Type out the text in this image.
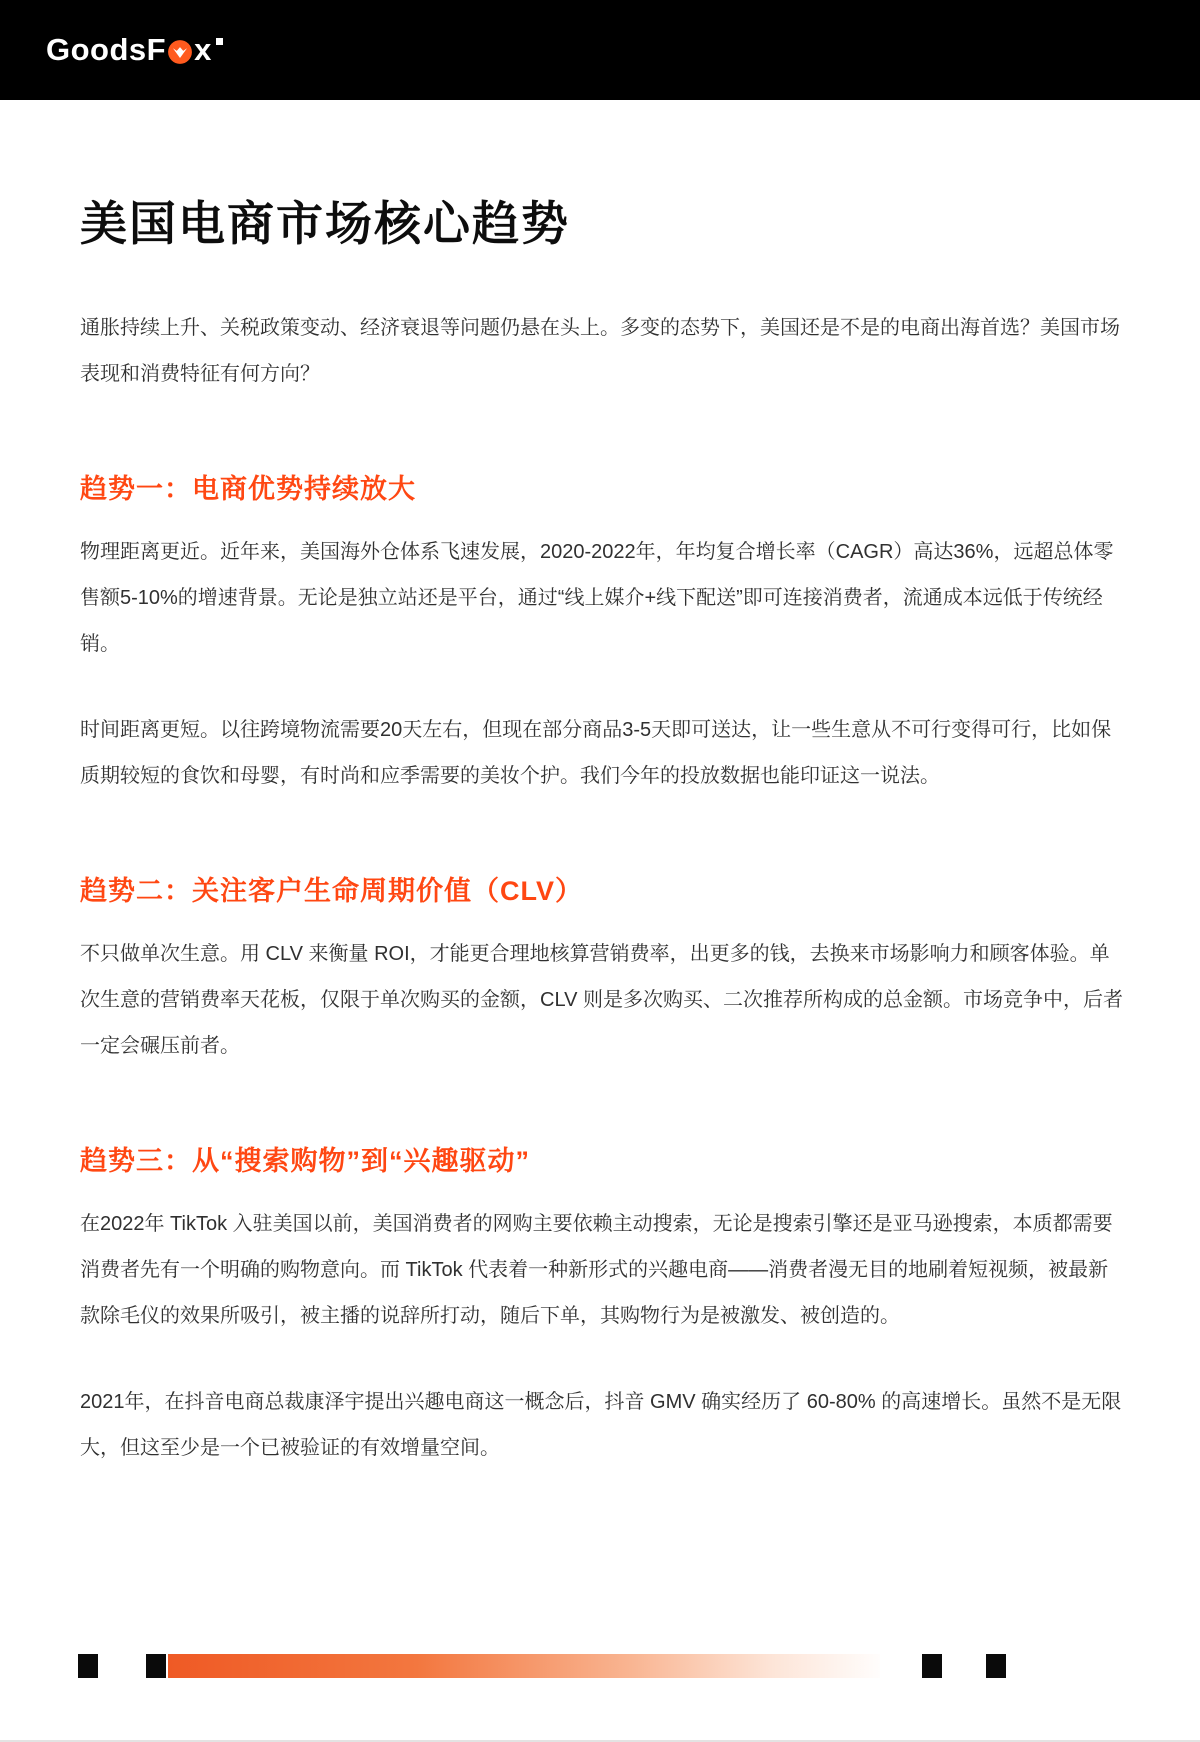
GoodsF x
美国电商市场核心趋势

通胀持续上升、关税政策变动、经济衰退等问题仍悬在头上。多变的态势下，美国还是不是的电商出海首选？美国市场表现和消费特征有何方向？

趋势一：电商优势持续放大

物理距离更近。近年来，美国海外仓体系飞速发展，2020-2022年，年均复合增长率（CAGR）高达36%，远超总体零售额5-10%的增速背景。无论是独立站还是平台，通过“线上媒介+线下配送”即可连接消费者，流通成本远低于传统经销。

时间距离更短。以往跨境物流需要20天左右，但现在部分商品3-5天即可送达，让一些生意从不可行变得可行，比如保质期较短的食饮和母婴，有时尚和应季需要的美妆个护。我们今年的投放数据也能印证这一说法。

趋势二：关注客户生命周期价值（CLV）

不只做单次生意。用 CLV 来衡量 ROI，才能更合理地核算营销费率，出更多的钱，去换来市场影响力和顾客体验。单次生意的营销费率天花板，仅限于单次购买的金额，CLV 则是多次购买、二次推荐所构成的总金额。市场竞争中，后者一定会碾压前者。

趋势三：从“搜索购物”到“兴趣驱动”

在2022年 TikTok 入驻美国以前，美国消费者的网购主要依赖主动搜索，无论是搜索引擎还是亚马逊搜索，本质都需要消费者先有一个明确的购物意向。而 TikTok 代表着一种新形式的兴趣电商——消费者漫无目的地刷着短视频，被最新款除毛仪的效果所吸引，被主播的说辞所打动，随后下单，其购物行为是被激发、被创造的。

2021年，在抖音电商总裁康泽宇提出兴趣电商这一概念后，抖音 GMV 确实经历了 60-80% 的高速增长。虽然不是无限大，但这至少是一个已被验证的有效增量空间。
